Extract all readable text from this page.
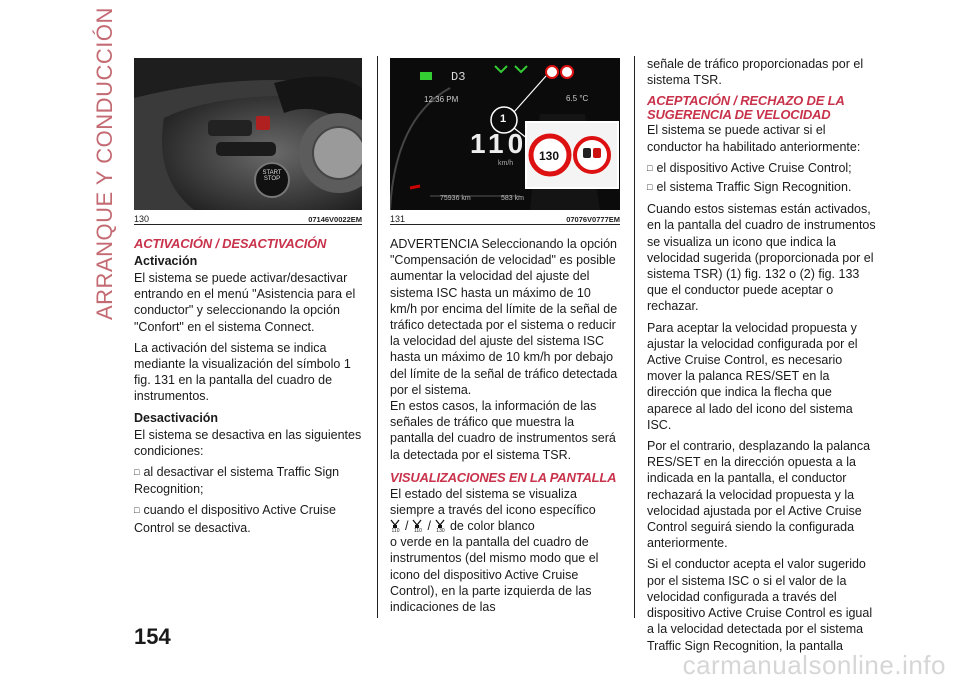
ARRANQUE Y CONDUCCIÓN	START
STOP
130	07146V0022EM
D3
12:36 PM	6.5 °C
110
km/h
75936 km	583 km
130
1
131	07076V0777EM
ACTIVACIÓN / DESACTIVACIÓN
Activación

El sistema se puede activar/desactivar entrando en el menú "Asistencia para el conductor" y seleccionando la opción "Confort" en el sistema Connect.

La activación del sistema se indica mediante la visualización del símbolo 1 fig. 131 en la pantalla del cuadro de instrumentos.

Desactivación

El sistema se desactiva en las siguientes condiciones:

□ al desactivar el sistema Traffic Sign Recognition;

□ cuando el dispositivo Active Cruise Control se desactiva.

ADVERTENCIA Seleccionando la opción "Compensación de velocidad" es posible aumentar la velocidad del ajuste del sistema ISC hasta un máximo de 10 km/h por encima del límite de la señal de tráfico detectada por el sistema o reducir la velocidad del ajuste del sistema ISC hasta un máximo de 10 km/h por debajo del límite de la señal de tráfico detectada por el sistema.

En estos casos, la información de las señales de tráfico que muestra la pantalla del cuadro de instrumentos será la detectada por el sistema TSR.

VISUALIZACIONES EN LA PANTALLA

El estado del sistema se visualiza siempre a través del icono específico

110 / 110 / 130 de color blanco

o verde en la pantalla del cuadro de instrumentos (del mismo modo que el icono del dispositivo Active Cruise Control), en la parte izquierda de las indicaciones de las

señale de tráfico proporcionadas por el sistema TSR.

ACEPTACIÓN / RECHAZO DE LA SUGERENCIA DE VELOCIDAD

El sistema se puede activar si el conductor ha habilitado anteriormente:

□ el dispositivo Active Cruise Control;

□ el sistema Traffic Sign Recognition.

Cuando estos sistemas están activados, en la pantalla del cuadro de instrumentos se visualiza un icono que indica la velocidad sugerida (proporcionada por el sistema TSR) (1) fig. 132 o (2) fig. 133 que el conductor puede aceptar o rechazar.

Para aceptar la velocidad propuesta y ajustar la velocidad configurada por el Active Cruise Control, es necesario mover la palanca RES/SET en la dirección que indica la flecha que aparece al lado del icono del sistema ISC.

Por el contrario, desplazando la palanca RES/SET en la dirección opuesta a la indicada en la pantalla, el conductor rechazará la velocidad propuesta y la velocidad ajustada por el Active Cruise Control seguirá siendo la configurada anteriormente.

Si el conductor acepta el valor sugerido por el sistema ISC o si el valor de la velocidad configurada a través del dispositivo Active Cruise Control es igual a la velocidad detectada por el sistema Traffic Sign Recognition, la pantalla

154
carmanualsonline.info
